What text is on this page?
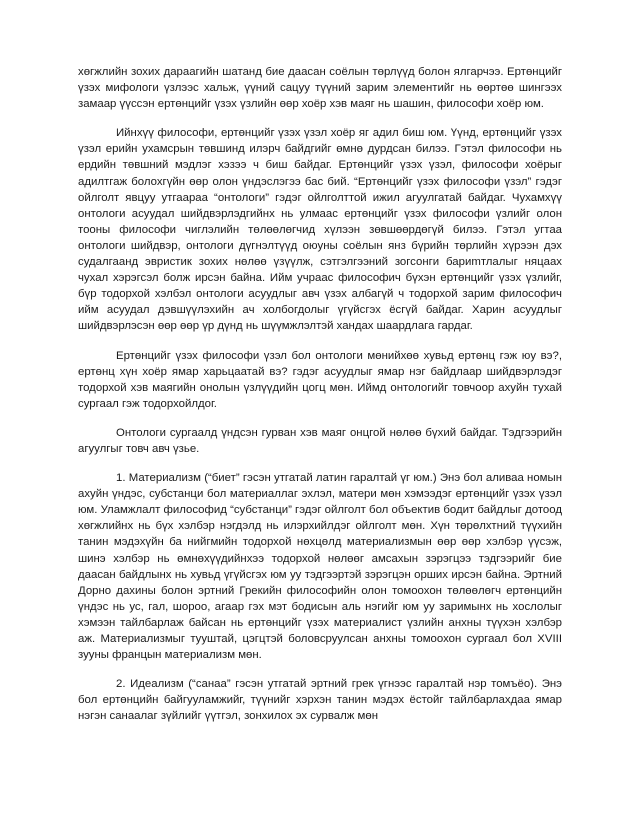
хөгжлийн зохих дараагийн шатанд бие даасан соёлын төрлүүд болон ялгарчээ. Ертөнцийг үзэх мифологи үзлээс хальж, үүний сацуу түүний зарим элементийг нь өөртөө шингээх замаар үүссэн ертөнцийг үзэх үзлийн өөр хоёр хэв маяг нь шашин, философи хоёр юм.

Ийнхүү философи, ертөнцийг үзэх үзэл хоёр яг адил биш юм. Үүнд, ертөнцийг үзэх үзэл ерийн ухамсрын төвшинд илэрч байдгийг өмнө дурдсан билээ. Гэтэл философи нь ердийн төвшний мэдлэг хэзээ ч биш байдаг. Ертөнцийг үзэх үзэл, философи хоёрыг адилтгаж болохгүйн өөр олон үндэслэгээ бас бий. “Ертөнцийг үзэх философи үзэл” гэдэг ойлголт явцуу утгаараа “онтологи” гэдэг ойлголттой ижил агуулгатай байдаг. Чухамхүү онтологи асуудал шийдвэрлэдгийнх нь улмаас ертөнцийг үзэх философи үзлийг олон тооны философи чиглэлийн төлөөлөгчид хүлээн зөвшөөрдөгүй билээ. Гэтэл угтаа онтологи шийдвэр, онтологи дүгнэлтүүд оюуны соёлын янз бүрийн төрлийн хүрээн дэх судалгаанд эвристик зохих нөлөө үзүүлж, сэтгэлгээний зогсонги бариmтлалыг няцаах чухал хэрэгсэл болж ирсэн байна. Ийм учраас философич бүхэн ертөнцийг үзэх үзлийг, бүр тодорхой хэлбэл онтологи асуудлыг авч үзэх албагүй ч тодорхой зарим философич ийм асуудал дэвшүүлэхийн ач холбогдолыг үгүйсгэх ёсгүй байдаг. Харин асуудлыг шийдвэрлэсэн өөр өөр үр дүнд нь шүүмжлэлтэй хандах шаардлага гардаг.

Ертөнцийг үзэх философи үзэл бол онтологи мөнийхөө хувьд ертөнц гэж юу вэ?, ертөнц хүн хоёр ямар харьцаатай вэ? гэдэг асуудлыг ямар нэг байдлаар шийдвэрлэдэг тодорхой хэв маягийн онолын үзлүүдийн цогц мөн. Иймд онтологийг товчоор ахуйн тухай сургаал гэж тодорхойлдог.

Онтологи сургаалд үндсэн гурван хэв маяг онцгой нөлөө бүхий байдаг. Тэдгээрийн агуулгыг товч авч үзье.

1. Материализм (“биет” гэсэн утгатай латин гаралтай үг юм.) Энэ бол аливаа номын ахуйн үндэс, субстанци бол материаллаг эхлэл, матери мөн хэмээдэг ертөнцийг үзэх үзэл юм. Уламжлалт философид “субстанци” гэдэг ойлголт бол объектив бодит байдлыг дотоод хөгжлийнх нь бүх хэлбэр нэгдэлд нь илэрхийлдэг ойлголт мөн. Хүн төрөлхтний түүхийн танин мэдэхүйн ба нийгмийн тодорхой нөхцөлд материализмын өөр өөр хэлбэр үүсэж, шинэ хэлбэр нь өмнөхүүдийнхээ тодорхой нөлөөг амсахын зэрэгцээ тэдгээрийг бие даасан байдлынх нь хувьд үгүйсгэх юм уу тэдгээртэй зэрэгцэн орших ирсэн байна. Эртний Дорно дахины болон эртний Грекийн философийн олон томоохон төлөөлөгч ертөнцийн үндэс нь ус, гал, шороо, агаар гэх мэт бодисын аль нэгийг юм уу заримынх нь хослолыг хэмээн тайлбарлаж байсан нь ертөнцийг үзэх материалист үзлийн анхны түүхэн хэлбэр аж. Материализмыг тууштай, цэгцтэй боловсруулсан анхны томоохон сургаал бол XVIII зууны францын материализм мөн.

2. Идеализм (“санаа” гэсэн утгатай эртний грек үгнээс гаралтай нэр томъёо). Энэ бол ертөнцийн байгууламжийг, түүнийг хэрхэн танин мэдэх ёстойг тайлбарлахдаа ямар нэгэн санаалаг зүйлийг үүтгэл, зонхилох эх сурвалж мөн
